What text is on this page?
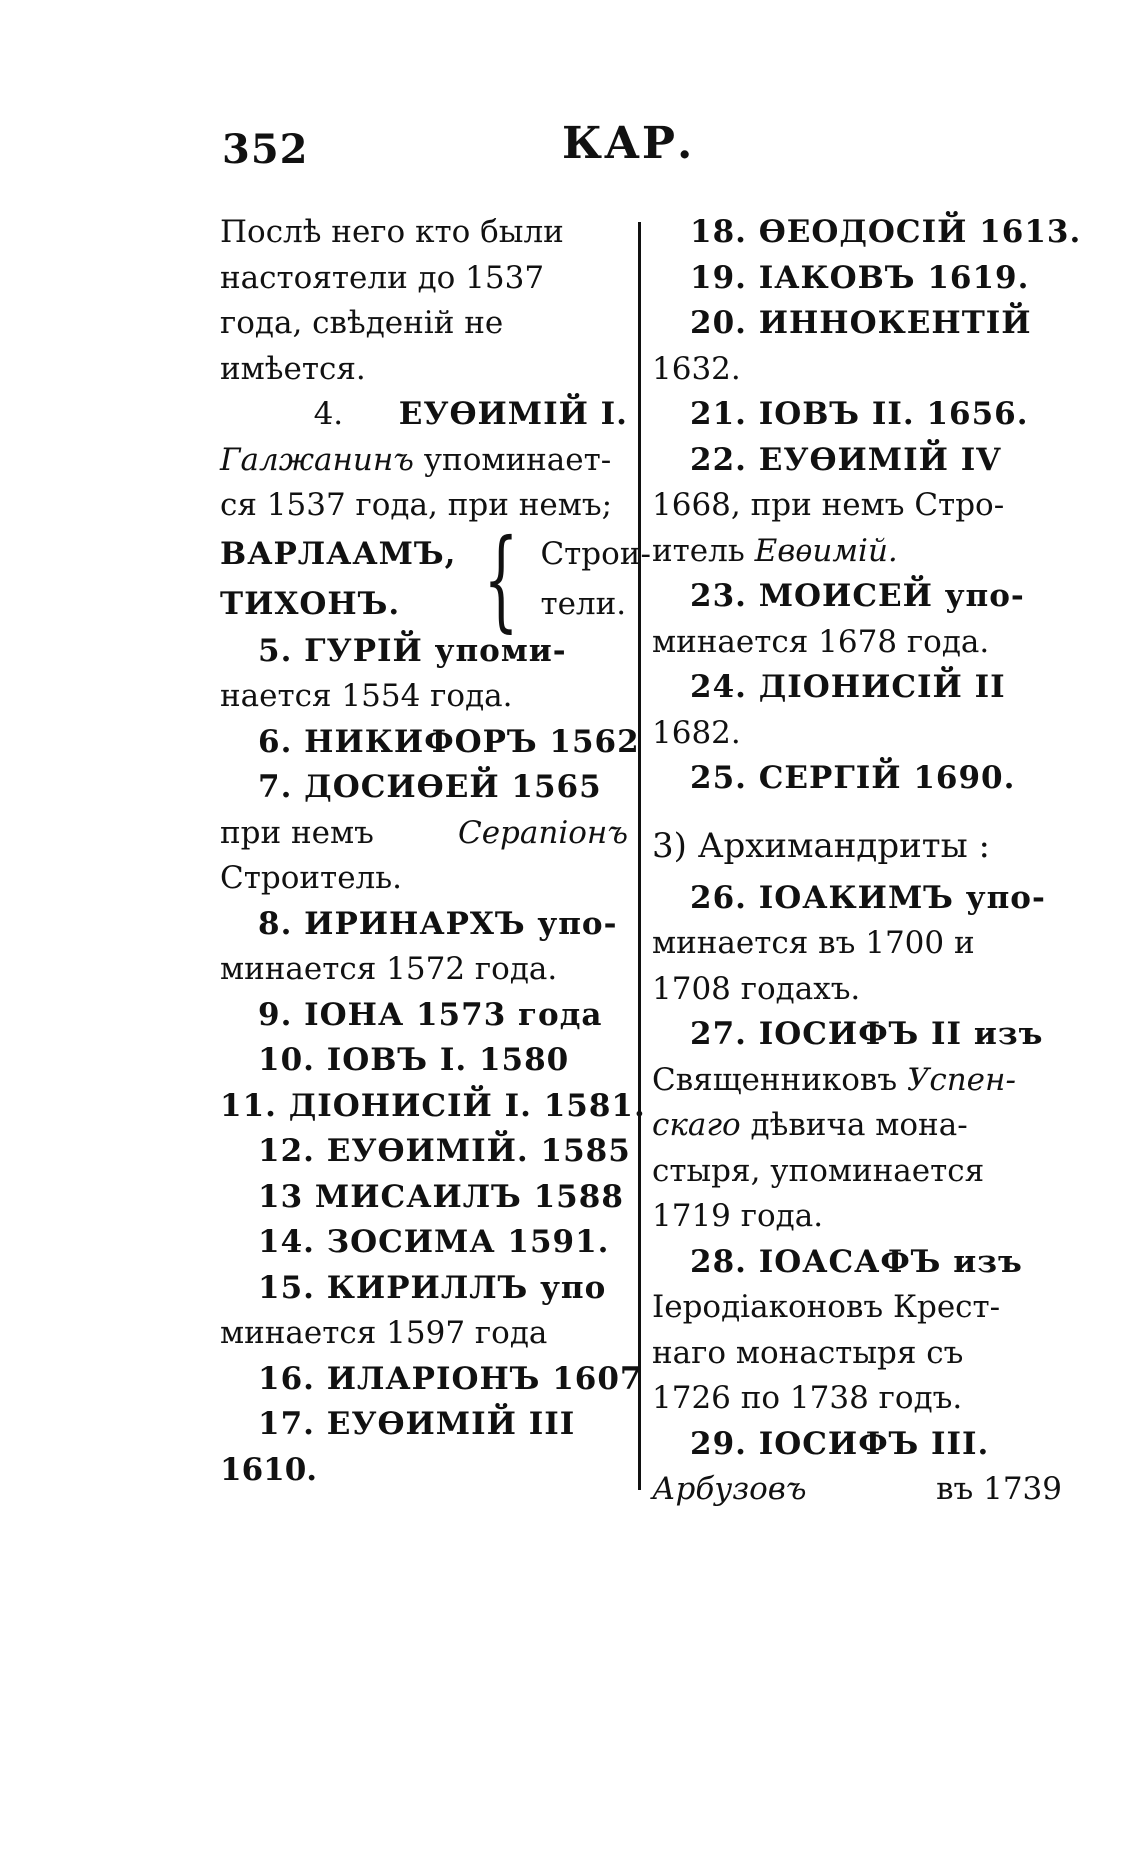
352	КАР.
Послѣ него кто были
настоятели до 1537
года, свѣденій не
имѣется.
4. ЕУѲИМІЙ I.
Галжанинъ
упоминает-
ся 1537 года, при немъ;
ВАРЛААМЪ,
ТИХОНЪ. { Строи-
тели.
5. ГУРІЙ упоми-
нается 1554 года.
6. НИКИФОРЪ 1562
7. ДОСИѲЕЙ 1565
при немъ	Серапіонъ
Строитель.
8. ИРИНАРХЪ упо-
минается 1572 года.
9. IОНА 1573 года
10. IОВЪ I. 1580
11. ДІОНИСІЙ I. 1581.
12. ЕУѲИМІЙ. 1585
13 МИСАИЛЪ 1588
14. ЗОСИМА 1591.
15. КИРИЛЛЪ упо
минается 1597 года
16. ИЛАРІОНЪ 1607
17. ЕУѲИМІЙ III
1610.
18. ѲЕОДОСІЙ 1613.
19. IАКОВЪ 1619.
20. ИННОКЕНТІЙ
1632.
21. IОВЪ II. 1656.
22. ЕУѲИМІЙ IV
1668, при немъ Стро-
итель
Евѳимій.
23. МОИСЕЙ упо-
минается 1678 года.
24. ДІОНИСІЙ II
1682.
25. СЕРГІЙ 1690.
3) Архимандриты :
26. IОАКИМЪ упо-
минается въ 1700 и
1708 годахъ.
27. IОСИФЪ II изъ
Священниковъ
Успен-
скаго
дѣвича мона-
стыря, упоминается
1719 года.
28. IОАСАФЪ изъ
Іеродіаконовъ Крест-
наго монастыря съ
1726 по 1738 годъ.
29. IОСИФЪ III.
Арбузовъ	въ 1739
